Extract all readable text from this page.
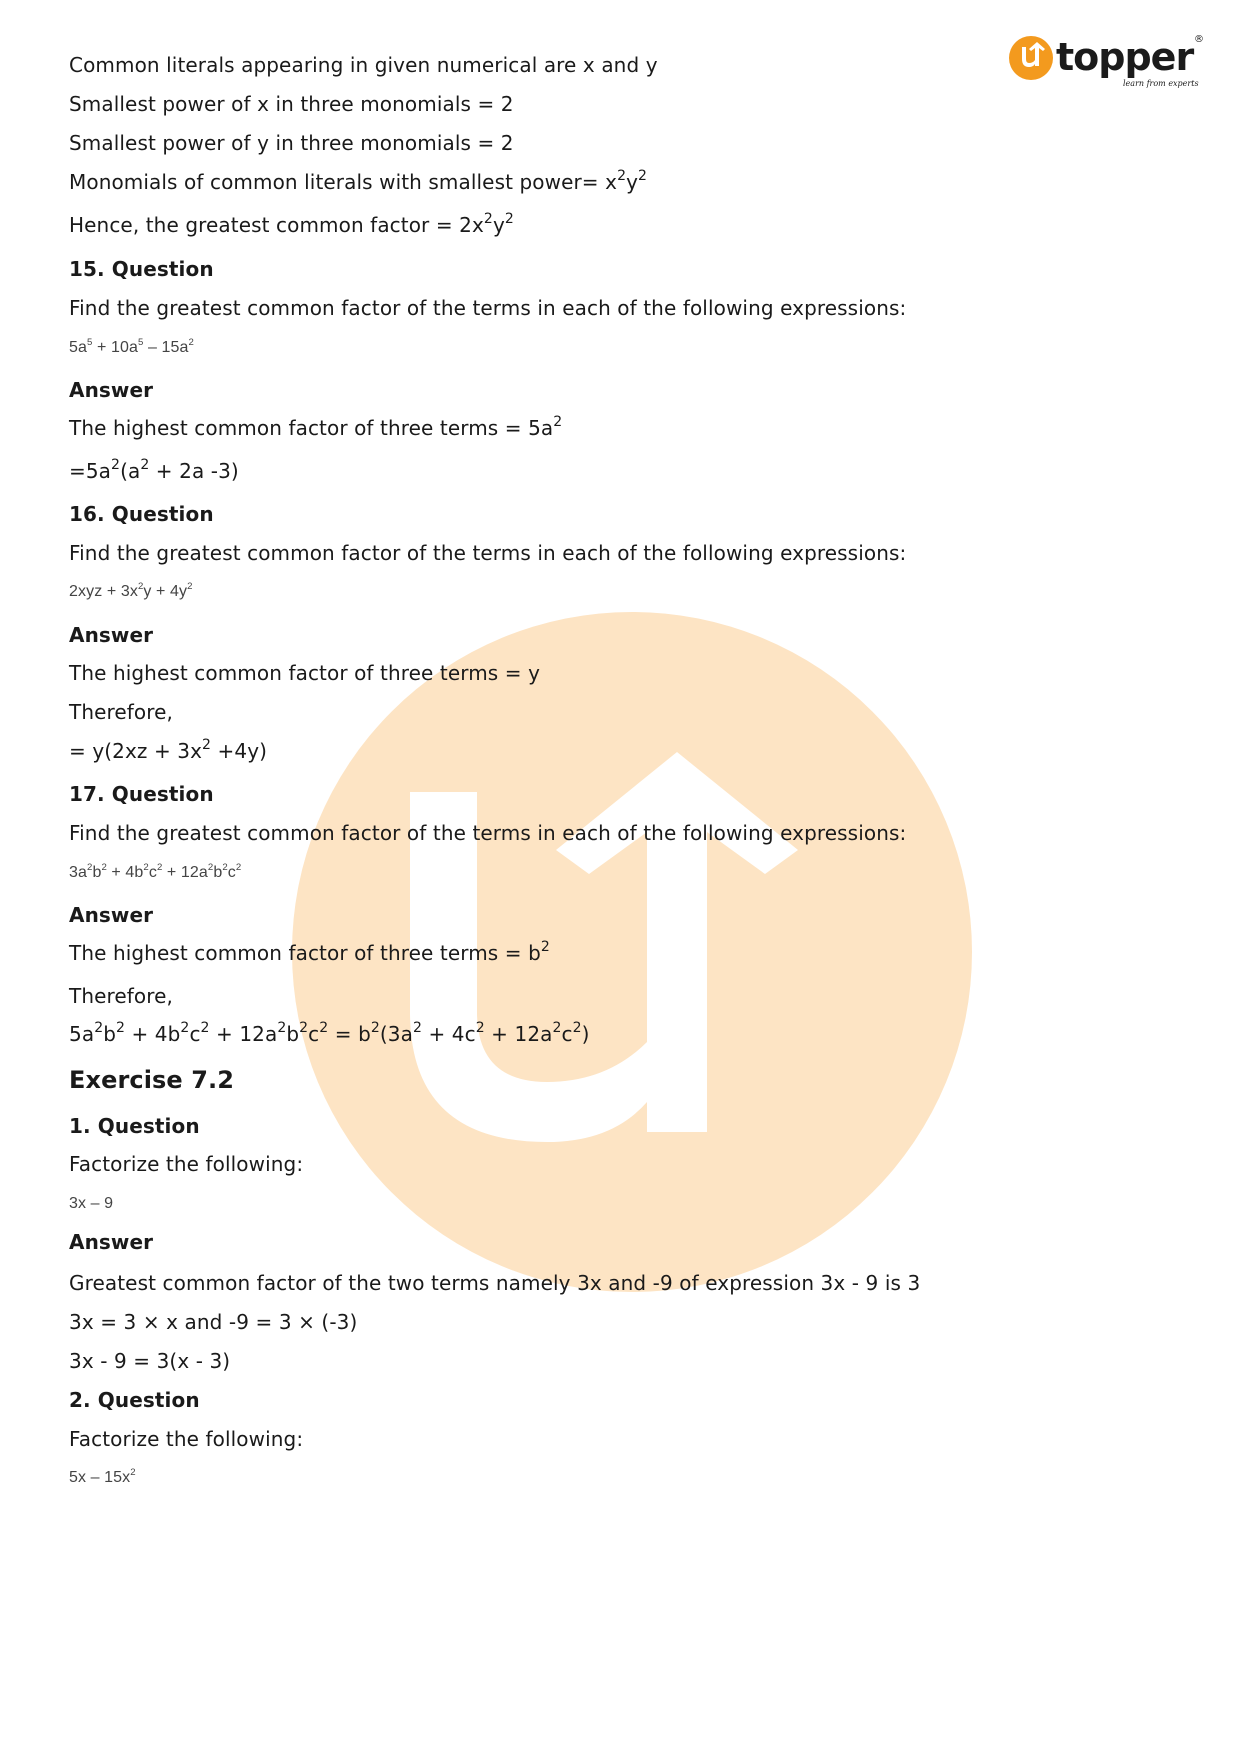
topper
learn from experts
®
Common literals appearing in given numerical are x and y
Smallest power of x in three monomials = 2
Smallest power of y in three monomials = 2
Monomials of common literals with smallest power= $x^2y^2$
Hence, the greatest common factor = $2x^2y^2$
15. Question
Find the greatest common factor of the terms in each of the following expressions:
$5a^5 + 10a^5 - 15a^2$
Answer
The highest common factor of three terms = $5a^2$
$=5a^2(a^2 + 2a$ -3)
16. Question
Find the greatest common factor of the terms in each of the following expressions:
$2xyz + 3x^2y + 4y^2$
Answer
The highest common factor of three terms = y
Therefore,
= $y(2xz + 3x^2 +4y)$
17. Question
Find the greatest common factor of the terms in each of the following expressions:
$3a^2b^2 + 4b^2c^2 + 12a^2b^2c^2$
Answer
The highest common factor of three terms = $b^2$
Therefore,
$5a^2b^2 + 4b^2c^2 + 12a^2b^2c^2 = b^2(3a^2 + 4c^2 + 12a^2c^2)$
Exercise 7.2
1. Question
Factorize the following:
3x – 9
Answer
Greatest common factor of the two terms namely 3x and -9 of expression 3x - 9 is 3
3x = 3 × x and -9 = 3 × (-3)
3x - 9 = 3(x - 3)
2. Question
Factorize the following:
$5x - 15x^2$
